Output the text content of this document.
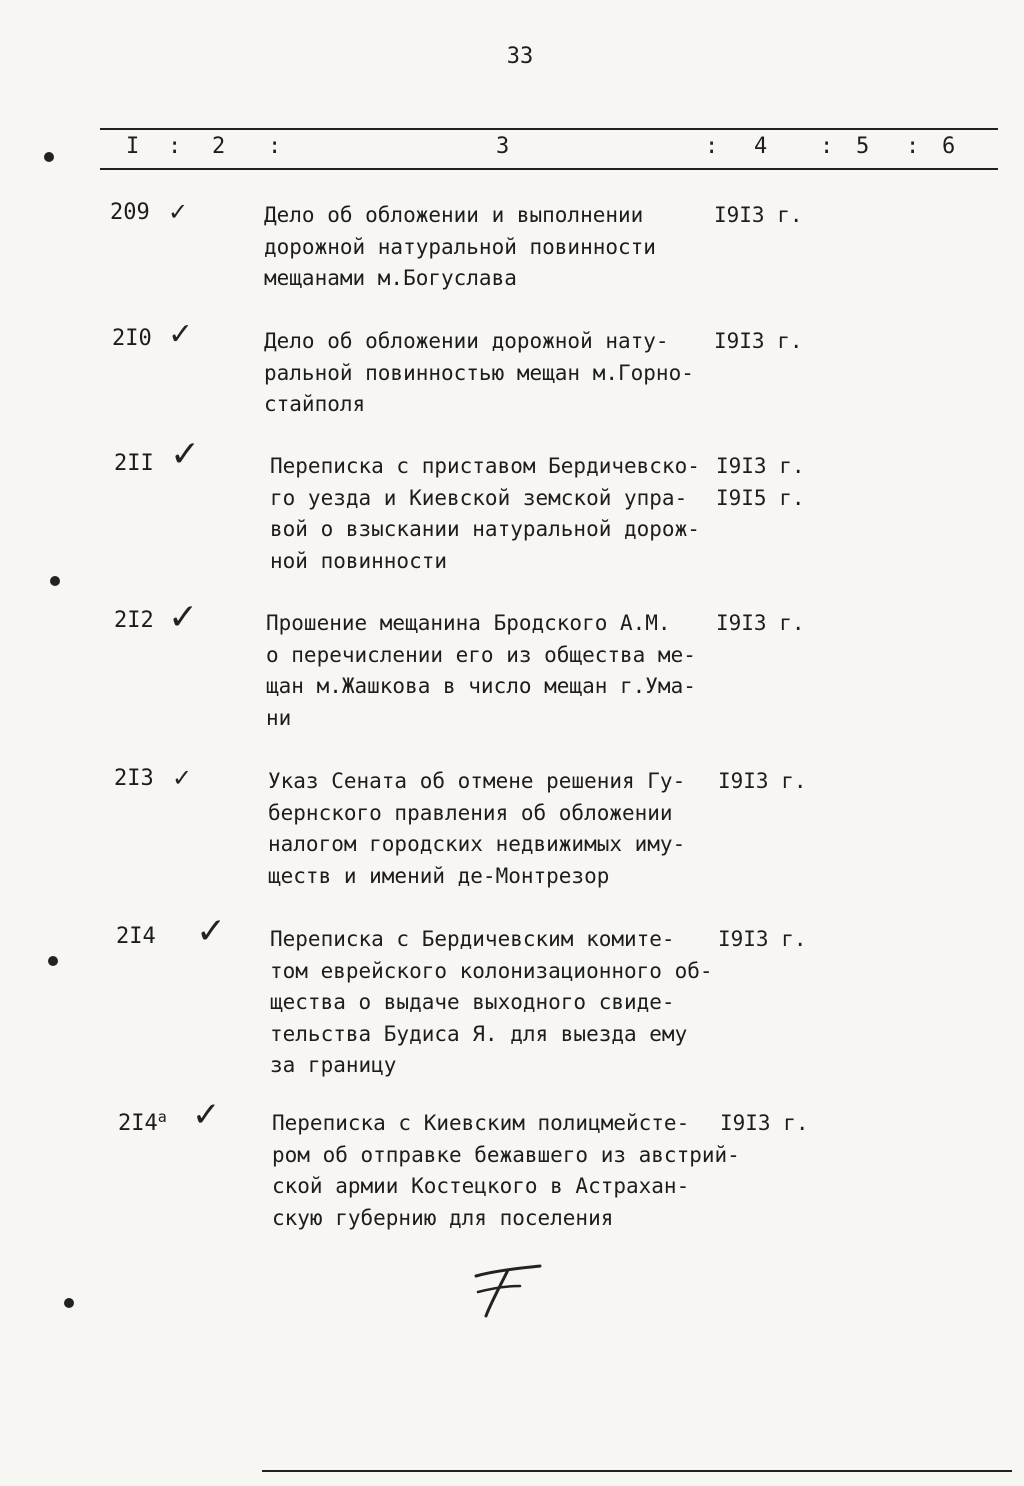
33
I : 2 :	3	: 4 : 5 : 6
209 ✓	Дело об обложении и выполнении
дорожной натуральной повинности
мещанами м.Богуслава
I9I3 г.
2I0 ✓	Дело об обложении дорожной нату-
ральной повинностью мещан м.Горно-
стайполя
I9I3 г.
2II ✓	Переписка с приставом Бердичевско-
го уезда и Киевской земской упра-
вой о взыскании натуральной дорож-
ной повинности
I9I3 г.
I9I5 г.
2I2 ✓	Прошение мещанина Бродского А.М.
о перечислении его из общества ме-
щан м.Жашкова в число мещан г.Ума-
ни
I9I3 г.
2I3 ✓	Указ Сената об отмене решения Гу-
бернского правления об обложении
налогом городских недвижимых иму-
ществ и имений де-Монтрезор
I9I3 г.
2I4 ✓ Переписка с Бердичевским комите-
том еврейского колонизационного об-
щества о выдаче выходного свиде-
тельства Будиса Я. для выезда ему
за границу
I9I3 г.
$2I4^а$ ✓ Переписка с Киевским полицмейсте-
ром об отправке бежавшего из австрий-
ской армии Костецкого в Астрахан-
скую губернию для поселения
I9I3 г.
